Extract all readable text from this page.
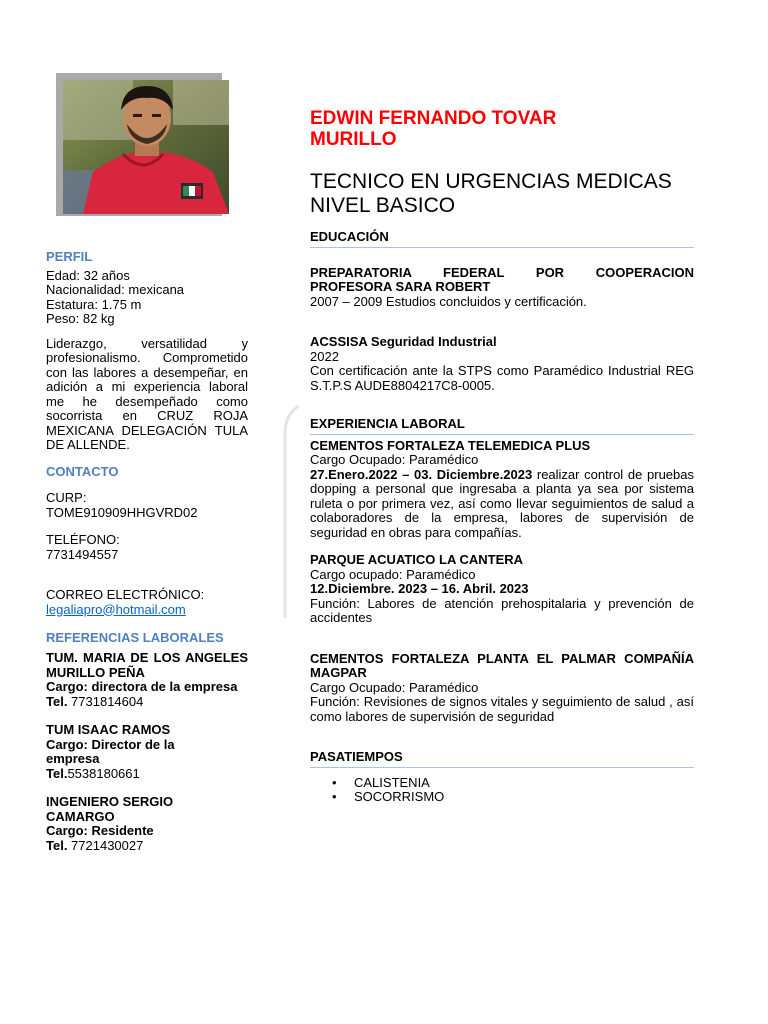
PERFIL

Edad: 32 años

Nacionalidad: mexicana

Estatura: 1.75 m

Peso: 82 kg

Liderazgo, versatilidad y profesionalismo. Comprometido con las labores a desempeñar, en adición a mi experiencia laboral me he desempeñado como socorrista en CRUZ ROJA MEXICANA DELEGACIÓN TULA DE ALLENDE.

CONTACTO

CURP:

TOME910909HHGVRD02

TELÉFONO:

7731494557

CORREO ELECTRÓNICO:

legaliapro@hotmail.com

REFERENCIAS LABORALES

TUM. MARIA DE LOS ANGELES MURILLO PEÑA

Cargo: directora de la empresa

Tel. 7731814604

TUM ISAAC RAMOS

Cargo: Director de la empresa

Tel.5538180661

INGENIERO SERGIO CAMARGO

Cargo: Residente

Tel. 7721430027

EDWIN FERNANDO TOVAR MURILLO
TECNICO EN URGENCIAS MEDICAS NIVEL BASICO
EDUCACIÓN

PREPARATORIA FEDERAL POR COOPERACION PROFESORA SARA ROBERT

2007 – 2009 Estudios concluidos y certificación.

ACSSISA Seguridad Industrial

2022

Con certificación ante la STPS como Paramédico Industrial REG S.T.P.S AUDE8804217C8-0005.

EXPERIENCIA LABORAL

CEMENTOS FORTALEZA TELEMEDICA PLUS

Cargo Ocupado: Paramédico

27.Enero.2022 – 03. Diciembre.2023 realizar control de pruebas dopping a personal que ingresaba a planta ya sea por sistema ruleta o por primera vez, así como llevar seguimientos de salud a colaboradores de la empresa, labores de supervisión de seguridad en obras para compañías.

PARQUE ACUATICO LA CANTERA

Cargo ocupado: Paramédico

12.Diciembre. 2023 – 16. Abril. 2023

Función: Labores de atención prehospitalaria y prevención de accidentes

CEMENTOS FORTALEZA PLANTA EL PALMAR COMPAÑÍA MAGPAR

Cargo Ocupado: Paramédico

Función: Revisiones de signos vitales y seguimiento de salud , así como labores de supervisión de seguridad

PASATIEMPOS
• CALISTENIA
• SOCORRISMO
